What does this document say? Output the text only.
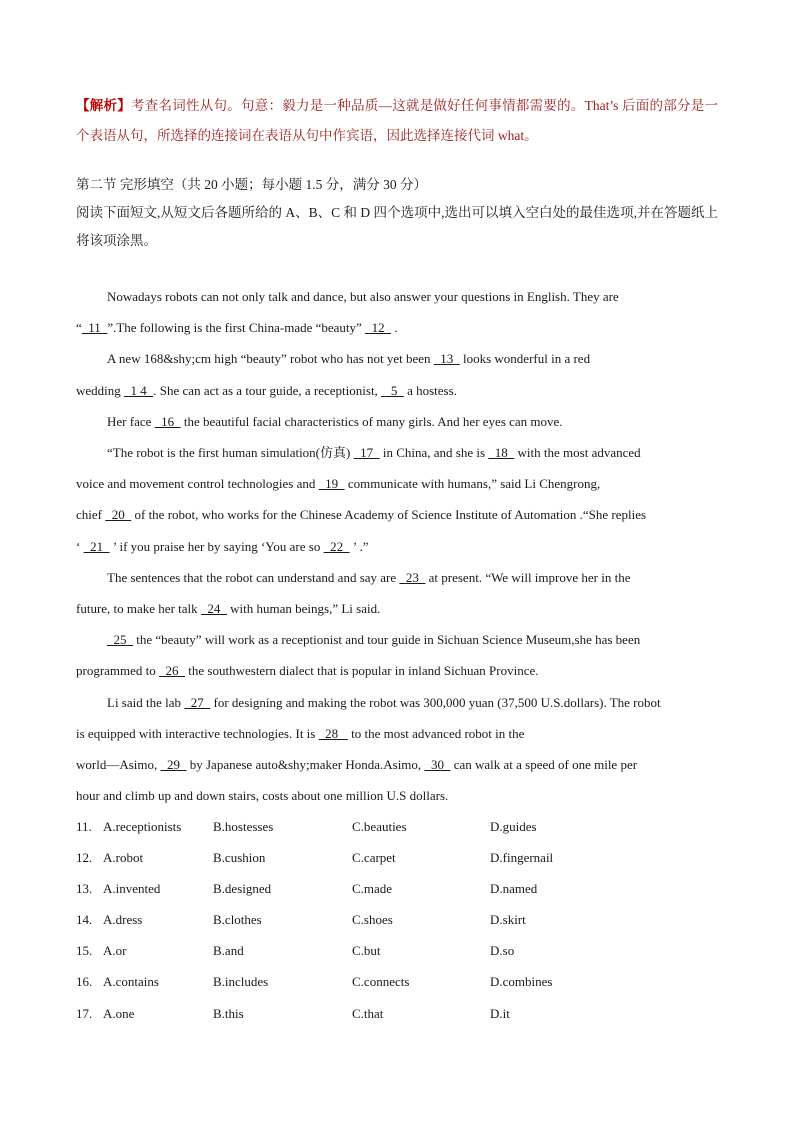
【解析】考查名词性从句。句意：毅力是一种品质—这就是做好任何事情都需要的。That’s 后面的部分是一个表语从句，所选择的连接词在表语从句中作宾语，因此选择连接代词 what。
第二节 完形填空（共 20 小题；每小题 1.5 分，满分 30 分）
阅读下面短文,从短文后各题所给的 A、B、C 和 D 四个选项中,选出可以填入空白处的最佳选项,并在答题纸上将该项涂黑。

Nowadays robots can not only talk and dance, but also answer your questions in English. They are

“  11  ”.The following is the first China-made “beauty”   12   .

A new 168&shy;cm high “beauty” robot who has not yet been   13   looks wonderful in a red

wedding   1 4  . She can act as a tour guide, a receptionist,    5   a hostess.

Her face   16   the beautiful facial characteristics of many girls. And her eyes can move.

“The robot is the first human simulation(仿真)   17   in China, and she is   18   with the most advanced

voice and movement control technologies and   19   communicate with humans,” said Li Chengrong,

chief   20   of the robot, who works for the Chinese Academy of Science Institute of Automation .“She replies

‘   21   ’ if you praise her by saying ‘You are so   22   ’ .”

The sentences that the robot can understand and say are   23   at present. “We will improve her in the

future, to make her talk   24   with human beings,” Li said.

25   the “beauty” will work as a receptionist and tour guide in Sichuan Science Museum,she has been

programmed to   26   the southwestern dialect that is popular in inland Sichuan Province.

Li said the lab   27   for designing and making the robot was 300,000 yuan (37,500 U.S.dollars). The robot

is equipped with interactive technologies. It is   28    to the most advanced robot in the

world—Asimo,   29   by Japanese auto&shy;maker Honda.Asimo,   30   can walk at a speed of one mile per

hour and climb up and down stairs, costs about one million U.S dollars.

11. A.receptionists B.hostesses	C.beauties	D.guides
12. A.robot	B.cushion	C.carpet	D.fingernail
13. A.invented	B.designed	C.made	D.named
14. A.dress	B.clothes	C.shoes	D.skirt
15. A.or	B.and	C.but	D.so
16. A.contains	B.includes	C.connects	D.combines
17. A.one	B.this	C.that	D.it
